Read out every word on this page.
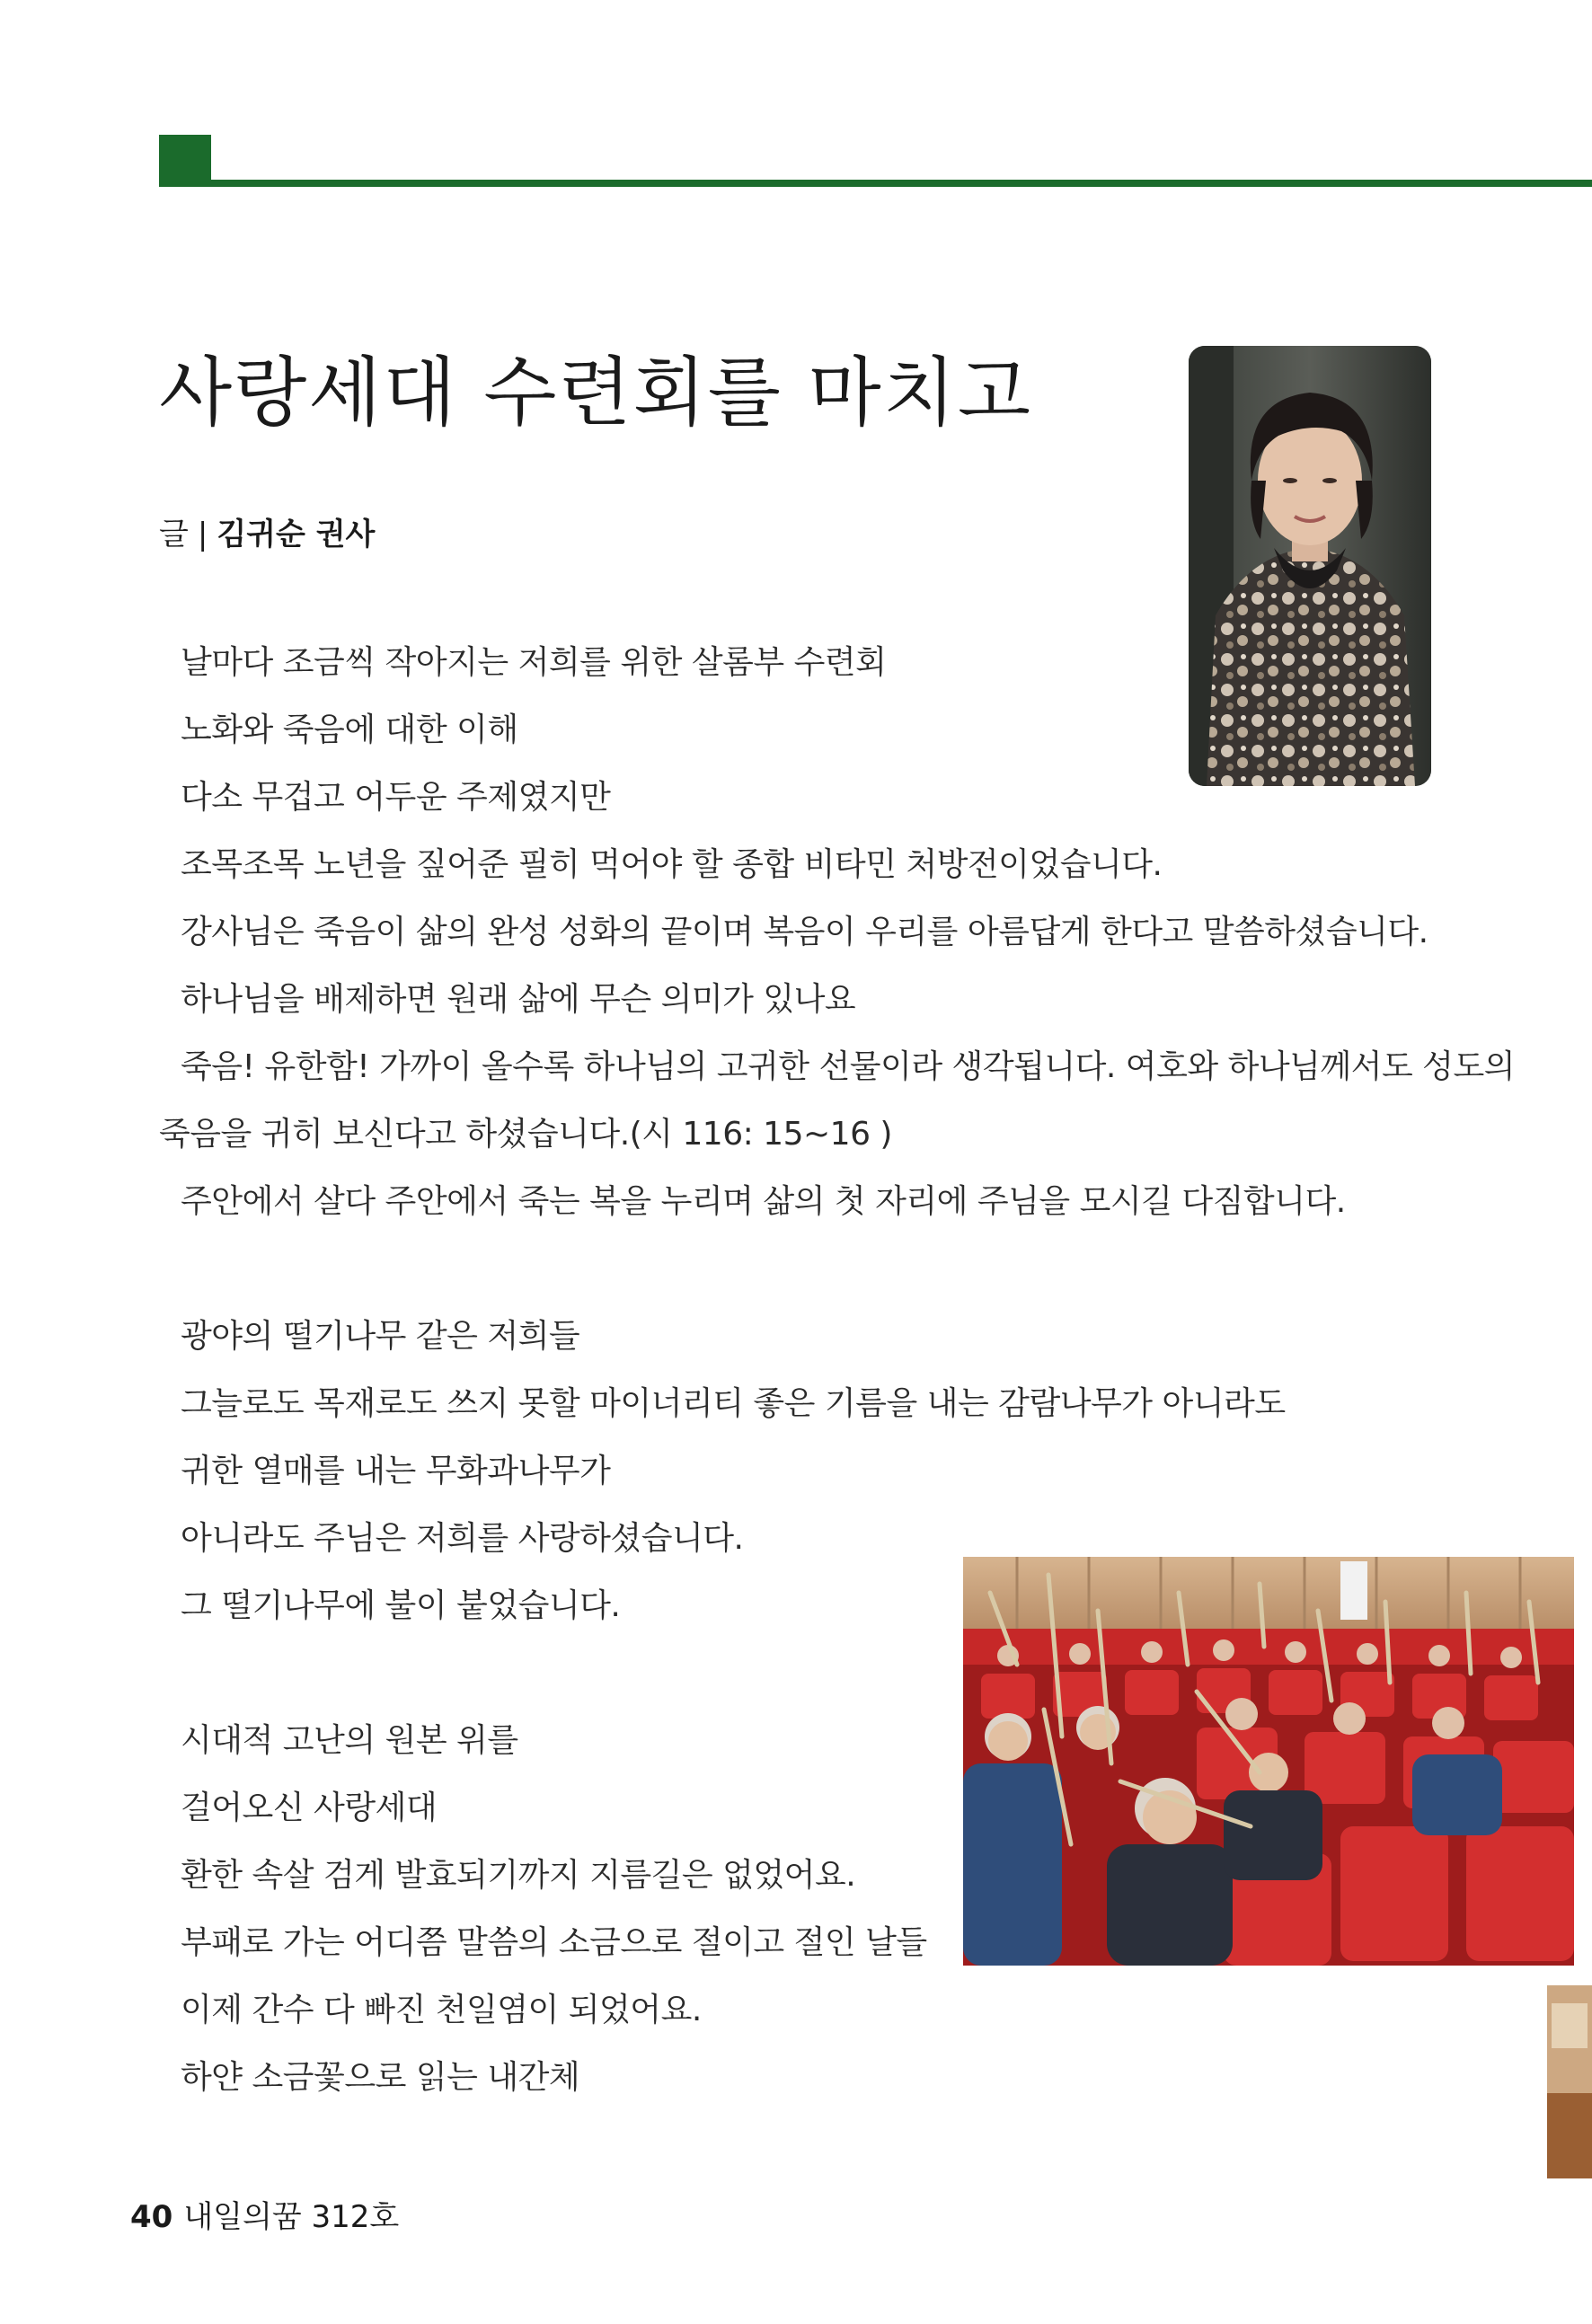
사랑세대 수련회를 마치고
글 | 김귀순 권사
날마다 조금씩 작아지는 저희를 위한 살롬부 수련회
노화와 죽음에 대한 이해
다소 무겁고 어두운 주제였지만
조목조목 노년을 짚어준 필히 먹어야 할 종합 비타민 처방전이었습니다.
강사님은 죽음이 삶의 완성 성화의 끝이며 복음이 우리를 아름답게 한다고 말씀하셨습니다.
하나님을 배제하면 원래 삶에 무슨 의미가 있나요
죽음! 유한함! 가까이 올수록 하나님의 고귀한 선물이라 생각됩니다. 여호와 하나님께서도 성도의
죽음을 귀히 보신다고 하셨습니다.(시 116: 15~16 )
주안에서 살다 주안에서 죽는 복을 누리며 삶의 첫 자리에 주님을 모시길 다짐합니다.
광야의 떨기나무 같은 저희들
그늘로도 목재로도 쓰지 못할 마이너리티 좋은 기름을 내는 감람나무가 아니라도
귀한 열매를 내는 무화과나무가
아니라도 주님은 저희를 사랑하셨습니다.
그 떨기나무에 불이 붙었습니다.
시대적 고난의 원본 위를
걸어오신 사랑세대
환한 속살 검게 발효되기까지 지름길은 없었어요.
부패로 가는 어디쯤 말씀의 소금으로 절이고 절인 날들
이제 간수 다 빠진 천일염이 되었어요.
하얀 소금꽃으로 읽는 내간체
40 내일의꿈 312호
